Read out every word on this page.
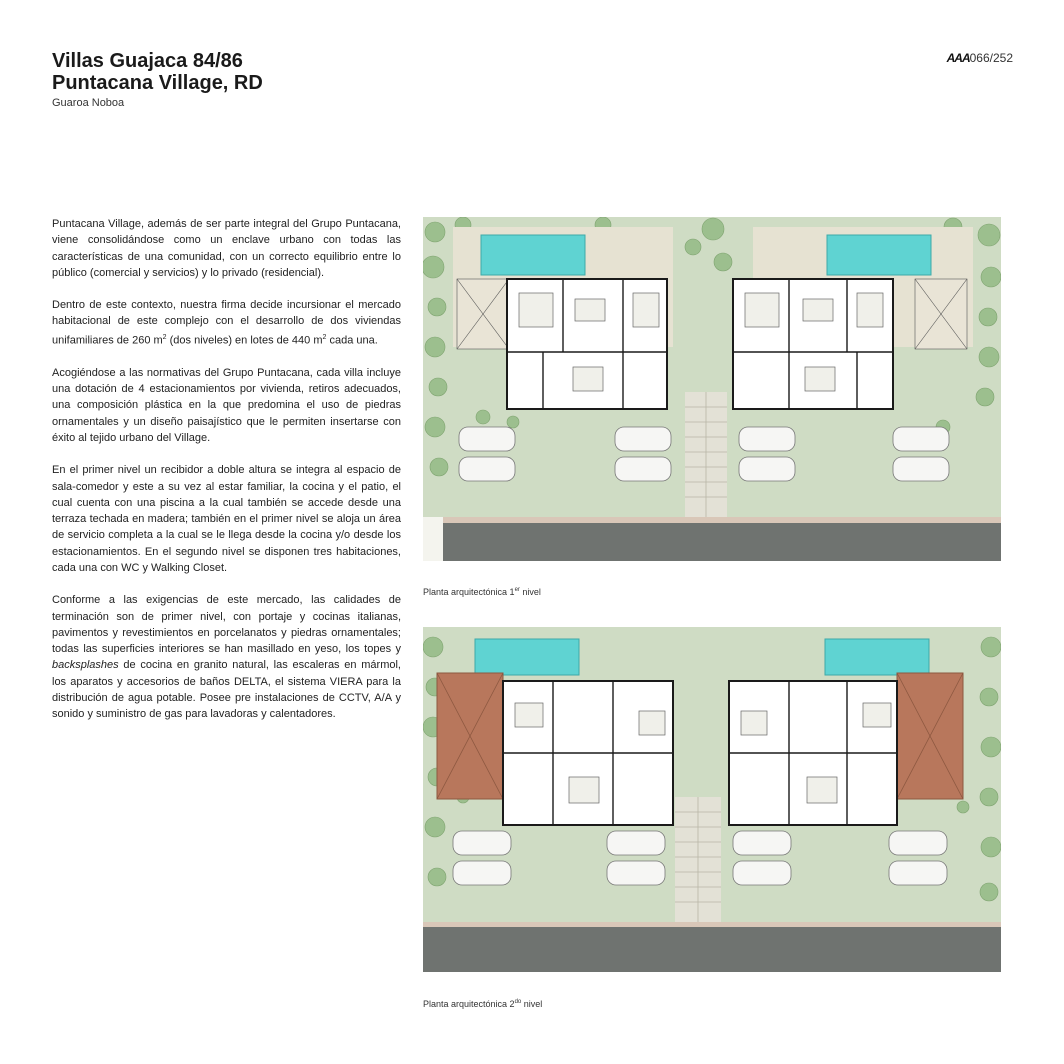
Villas Guajaca 84/86
Puntacana Village, RD
Guaroa Noboa
AAA066/252

Puntacana Village, además de ser parte integral del Grupo Puntacana, viene consolidándose como un enclave urbano con todas las características de una comunidad, con un correcto equilibrio entre lo público (comercial y servicios) y lo privado (residencial).

Dentro de este contexto, nuestra firma decide incursionar el mercado habitacional de este complejo con el desarrollo de dos viviendas unifamiliares de 260 $m^2$ (dos niveles) en lotes de 440 $m^2$ cada una.

Acogiéndose a las normativas del Grupo Puntacana, cada villa incluye una dotación de 4 estacionamientos por vivienda, retiros adecuados, una composición plástica en la que predomina el uso de piedras ornamentales y un diseño paisajístico que le permiten insertarse con éxito al tejido urbano del Village.

En el primer nivel un recibidor a doble altura se integra al espacio de sala-comedor y este a su vez al estar familiar, la cocina y el patio, el cual cuenta con una piscina a la cual también se accede desde una terraza techada en madera; también en el primer nivel se aloja un área de servicio completa a la cual se le llega desde la cocina y/o desde los estacionamientos. En el segundo nivel se disponen tres habitaciones, cada una con WC y Walking Closet.

Conforme a las exigencias de este mercado, las calidades de terminación son de primer nivel, con portaje y cocinas italianas, pavimentos y revestimientos en porcelanatos y piedras ornamentales; todas las superficies interiores se han masillado en yeso, los topes y backsplashes de cocina en granito natural, las escaleras en mármol, los aparatos y accesorios de baños DELTA, el sistema VIERA para la distribución de agua potable. Posee pre instalaciones de CCTV, A/A y sonido y suministro de gas para lavadoras y calentadores.

Planta arquitectónica 1er nivel
Planta arquitectónica $2^{do}$ nivel
